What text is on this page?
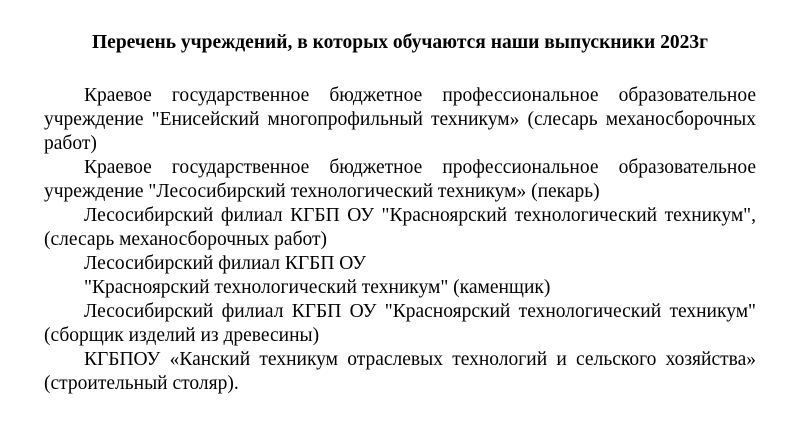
Перечень учреждений, в которых обучаются наши выпускники 2023г

Краевое государственное бюджетное профессиональное образовательное учреждение "Енисейский многопрофильный техникум» (слесарь механосборочных работ)

Краевое государственное бюджетное профессиональное образовательное учреждение "Лесосибирский технологический техникум» (пекарь)

Лесосибирский филиал КГБП ОУ "Красноярский технологический техникум", (слесарь механосборочных работ)

Лесосибирский филиал КГБП ОУ

"Красноярский технологический техникум" (каменщик)

Лесосибирский филиал КГБП ОУ "Красноярский технологический техникум" (сборщик изделий из древесины)

КГБПОУ «Канский техникум отраслевых технологий и сельского хозяйства» (строительный столяр).
